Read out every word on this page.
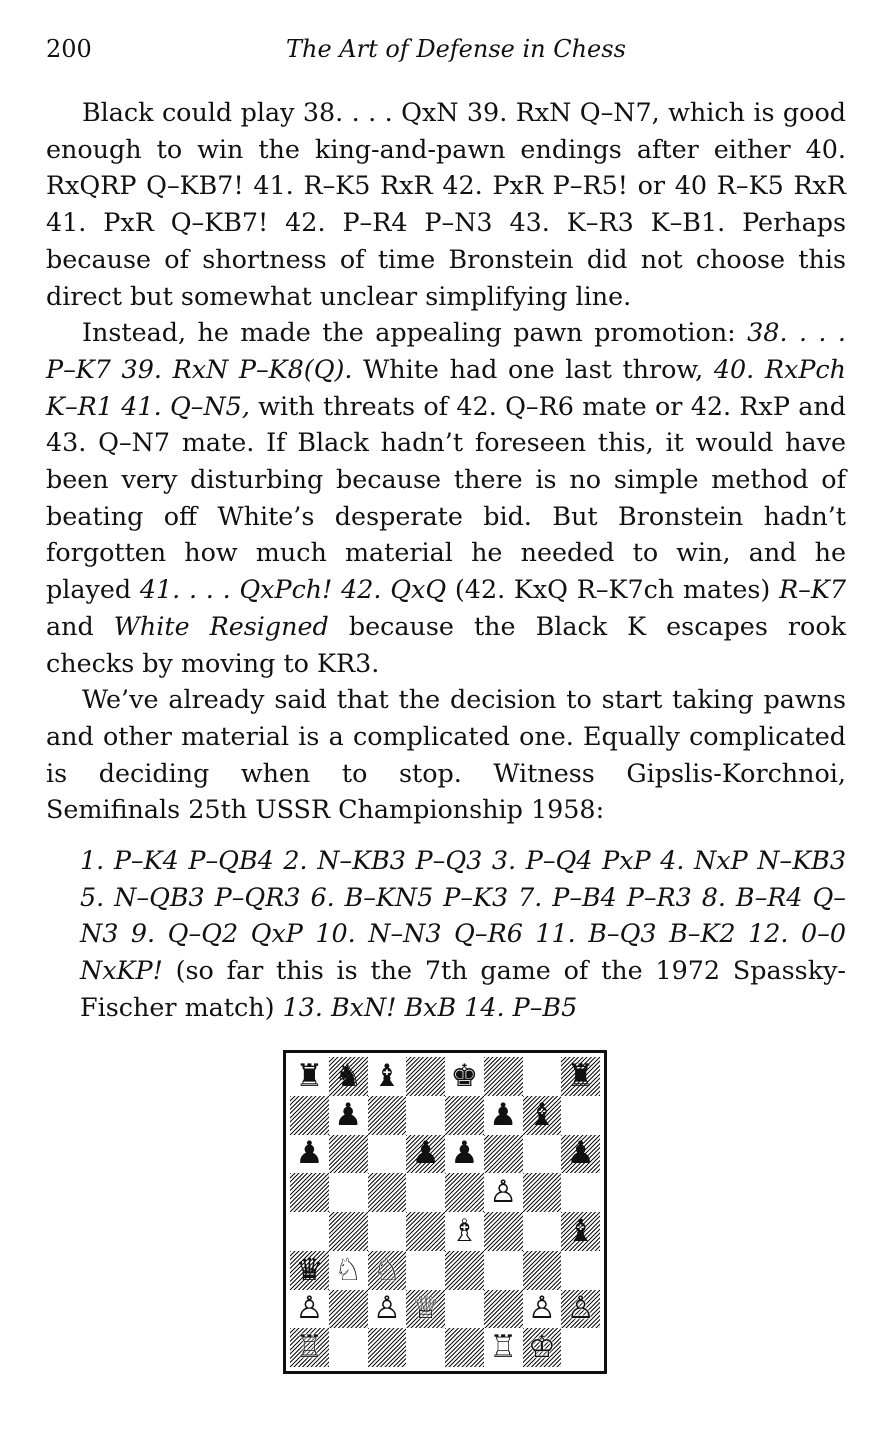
200	The Art of Defense in Chess

Black could play 38. . . . QxN 39. RxN Q–N7, which is good enough to win the king-and-pawn endings after either 40. RxQRP Q–KB7! 41. R–K5 RxR 42. PxR P–R5! or 40 R–K5 RxR 41. PxR Q–KB7! 42. P–R4 P–N3 43. K–R3 K–B1. Perhaps because of shortness of time Bronstein did not choose this direct but somewhat unclear simplifying line.

Instead, he made the appealing pawn promotion: 38. . . . P–K7 39. RxN P–K8(Q). White had one last throw, 40. RxPch K–R1 41. Q–N5, with threats of 42. Q–R6 mate or 42. RxP and 43. Q–N7 mate. If Black hadn’t foreseen this, it would have been very disturbing because there is no simple method of beating off White’s desperate bid. But Bronstein hadn’t forgotten how much material he needed to win, and he played 41. . . . QxPch! 42. QxQ (42. KxQ R–K7ch mates) R–K7 and White Resigned because the Black K escapes rook checks by moving to KR3.

We’ve already said that the decision to start taking pawns and other material is a complicated one. Equally complicated is deciding when to stop. Witness Gipslis-Korchnoi, Semifinals 25th USSR Championship 1958:

1. P–K4 P–QB4 2. N–KB3 P–Q3 3. P–Q4 PxP 4. NxP N–KB3 5. N–QB3 P–QR3 6. B–KN5 P–K3 7. P–B4 P–R3 8. B–R4 Q–N3 9. Q–Q2 QxP 10. N–N3 Q–R6 11. B–Q3 B–K2 12. 0–0 NxKP! (so far this is the 7th game of the 1972 Spassky-Fischer match) 13. BxN! BxB 14. P–B5

♜ ♞ ♝ ♚	♜
♟	♟ ♝
♟	♟ ♟	♟
♙
♗	♝
♛ ♘ ♘
♙ ♙ ♕	♙ ♙
♖	♖ ♔
